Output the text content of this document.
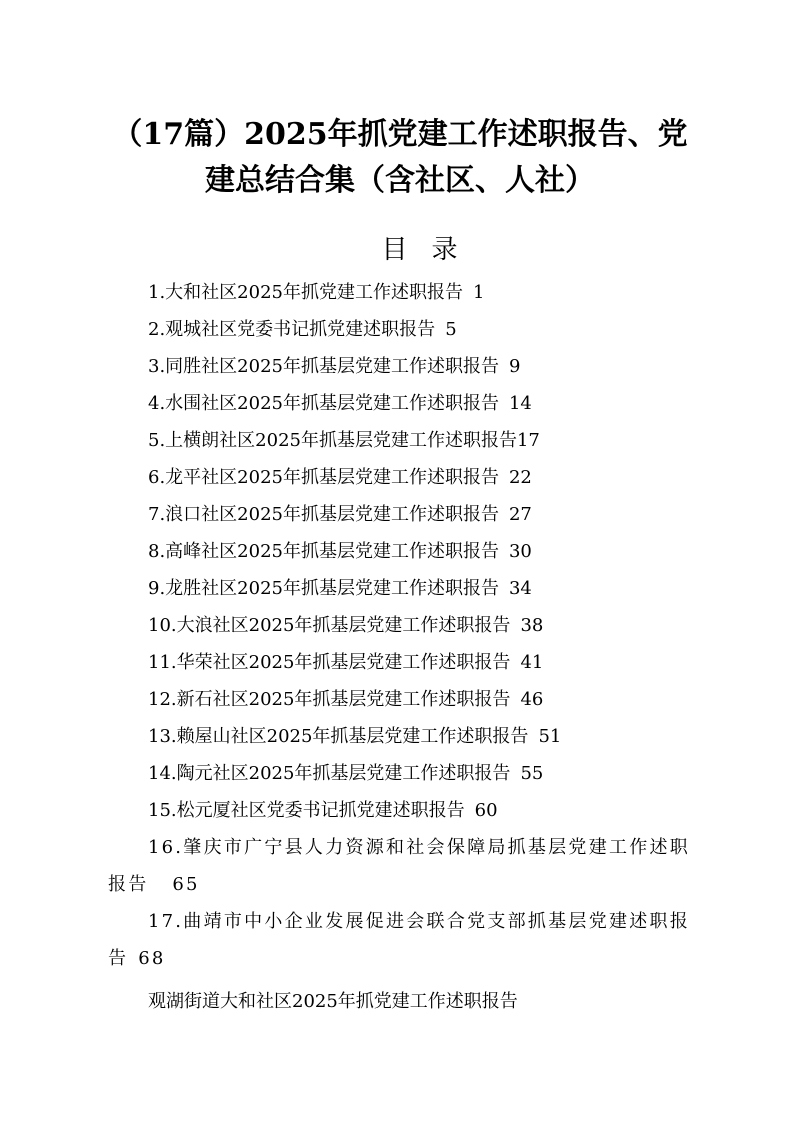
（17篇）2025年抓党建工作述职报告、党
建总结合集（含社区、人社）
目录
1.大和社区2025年抓党建工作述职报告 1
2.观城社区党委书记抓党建述职报告 5
3.同胜社区2025年抓基层党建工作述职报告 9
4.水围社区2025年抓基层党建工作述职报告 14
5.上横朗社区2025年抓基层党建工作述职报告17
6.龙平社区2025年抓基层党建工作述职报告 22
7.浪口社区2025年抓基层党建工作述职报告 27
8.高峰社区2025年抓基层党建工作述职报告 30
9.龙胜社区2025年抓基层党建工作述职报告 34
10.大浪社区2025年抓基层党建工作述职报告 38
11.华荣社区2025年抓基层党建工作述职报告 41
12.新石社区2025年抓基层党建工作述职报告 46
13.赖屋山社区2025年抓基层党建工作述职报告 51
14.陶元社区2025年抓基层党建工作述职报告 55
15.松元厦社区党委书记抓党建述职报告 60
16.肇庆市广宁县人力资源和社会保障局抓基层党建工作述职报告 65
17.曲靖市中小企业发展促进会联合党支部抓基层党建述职报告 68

观湖街道大和社区2025年抓党建工作述职报告
